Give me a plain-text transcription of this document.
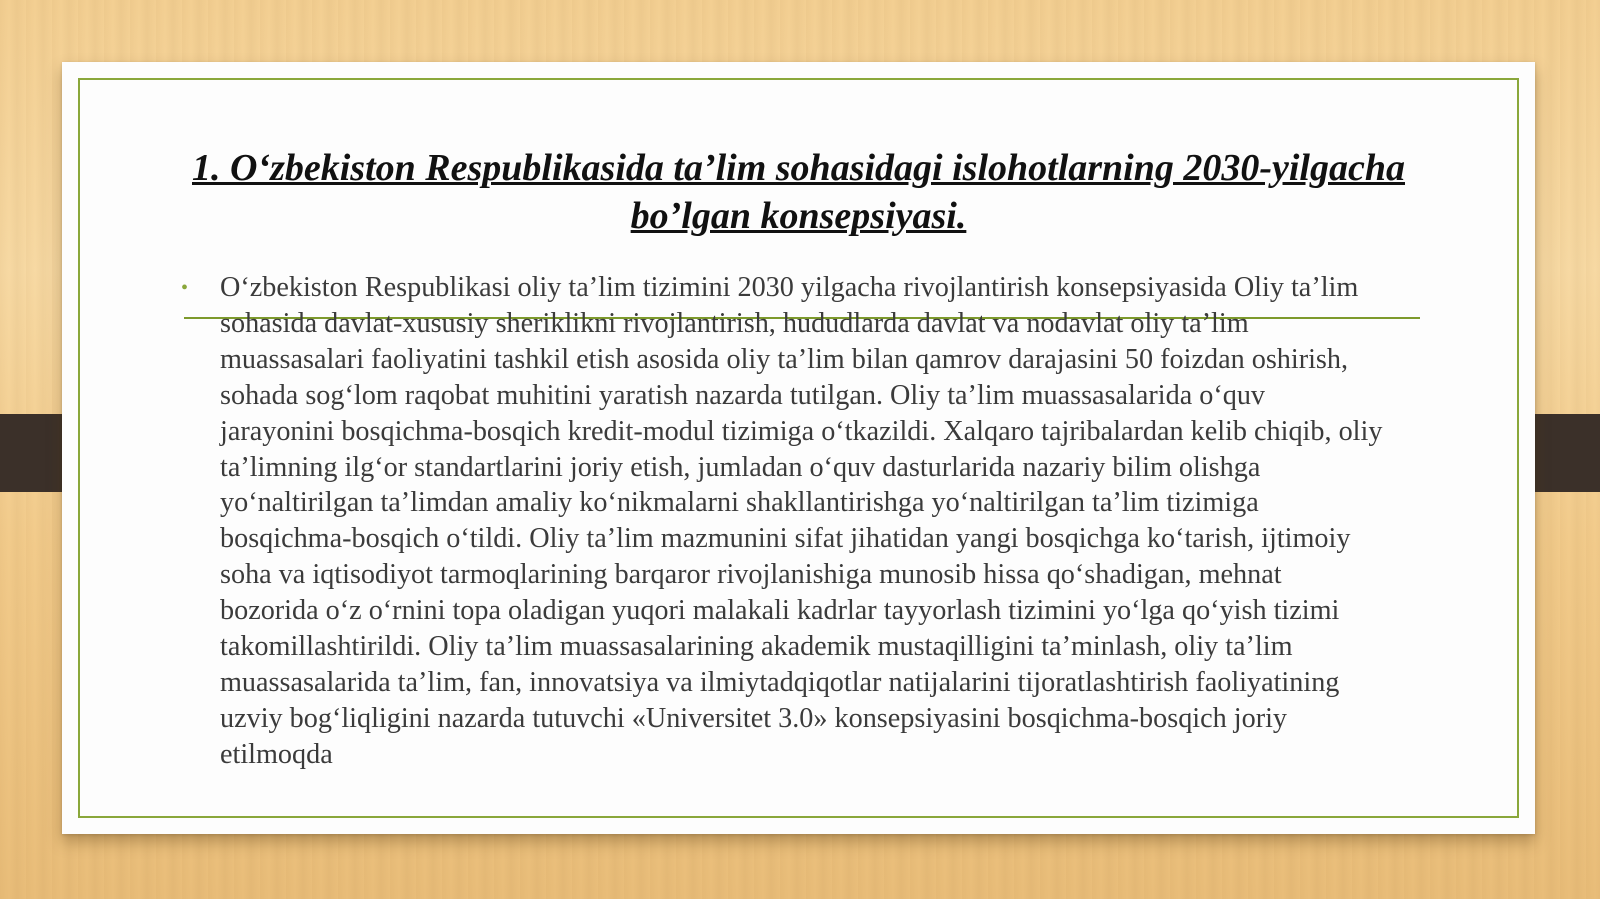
1. O‘zbekiston Respublikasida ta’lim sohasidagi islohotlarning 2030-yilgacha bo’lgan konsepsiyasi.
• O‘zbekiston Respublikasi oliy ta’lim tizimini 2030 yilgacha rivojlantirish konsepsiyasida Oliy ta’lim sohasida davlat-xususiy sheriklikni rivojlantirish, hududlarda davlat va nodavlat oliy ta’lim muassasalari faoliyatini tashkil etish asosida oliy ta’lim bilan qamrov darajasini 50 foizdan oshirish, sohada sog‘lom raqobat muhitini yaratish nazarda tutilgan. Oliy ta’lim muassasalarida o‘quv jarayonini bosqichma-bosqich kredit-modul tizimiga o‘tkazildi. Xalqaro tajribalardan kelib chiqib, oliy ta’limning ilg‘or standartlarini joriy etish, jumladan o‘quv dasturlarida nazariy bilim olishga yo‘naltirilgan ta’limdan amaliy ko‘nikmalarni shakllantirishga yo‘naltirilgan ta’lim tizimiga bosqichma-bosqich o‘tildi. Oliy ta’lim mazmunini sifat jihatidan yangi bosqichga ko‘tarish, ijtimoiy soha va iqtisodiyot tarmoqlarining barqaror rivojlanishiga munosib hissa qo‘shadigan, mehnat bozorida o‘z o‘rnini topa oladigan yuqori malakali kadrlar tayyorlash tizimini yo‘lga qo‘yish tizimi takomillashtirildi. Oliy ta’lim muassasalarining akademik mustaqilligini ta’minlash, oliy ta’lim muassasalarida ta’lim, fan, innovatsiya va ilmiytadqiqotlar natijalarini tijoratlashtirish faoliyatining uzviy bog‘liqligini nazarda tutuvchi «Universitet 3.0» konsepsiyasini bosqichma-bosqich joriy etilmoqda
